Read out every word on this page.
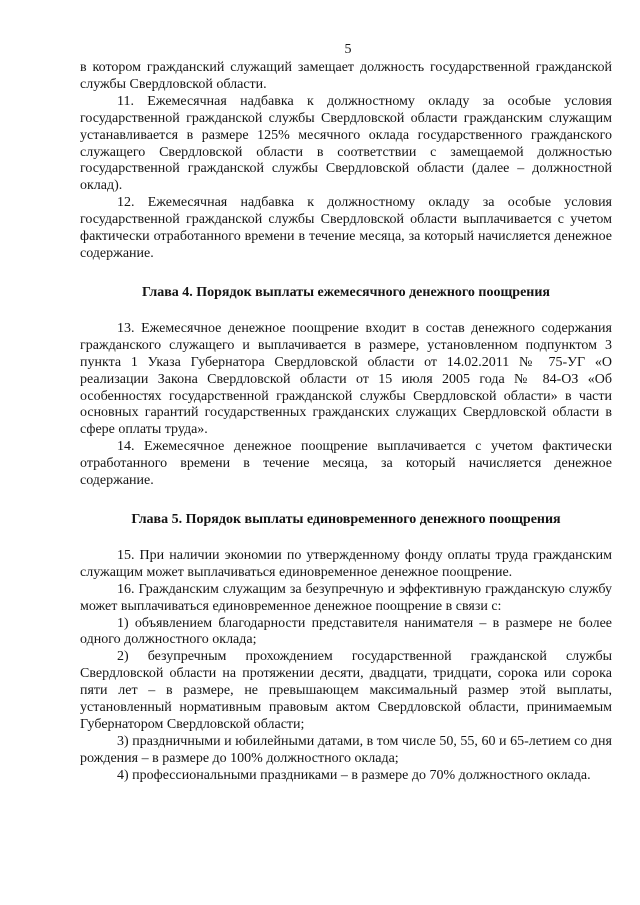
5

в котором гражданский служащий замещает должность государственной гражданской службы Свердловской области.

11. Ежемесячная надбавка к должностному окладу за особые условия государственной гражданской службы Свердловской области гражданским служащим устанавливается в размере 125% месячного оклада государственного гражданского служащего Свердловской области в соответствии с замещаемой должностью государственной гражданской службы Свердловской области (далее – должностной оклад).

12. Ежемесячная надбавка к должностному окладу за особые условия государственной гражданской службы Свердловской области выплачивается с учетом фактически отработанного времени в течение месяца, за который начисляется денежное содержание.

Глава 4. Порядок выплаты ежемесячного денежного поощрения

13. Ежемесячное денежное поощрение входит в состав денежного содержания гражданского служащего и выплачивается в размере, установленном подпунктом 3 пункта 1 Указа Губернатора Свердловской области от 14.02.2011 № 75-УГ «О реализации Закона Свердловской области от 15 июля 2005 года № 84-ОЗ «Об особенностях государственной гражданской службы Свердловской области» в части основных гарантий государственных гражданских служащих Свердловской области в сфере оплаты труда».

14. Ежемесячное денежное поощрение выплачивается с учетом фактически отработанного времени в течение месяца, за который начисляется денежное содержание.

Глава 5. Порядок выплаты единовременного денежного поощрения

15. При наличии экономии по утвержденному фонду оплаты труда гражданским служащим может выплачиваться единовременное денежное поощрение.

16. Гражданским служащим за безупречную и эффективную гражданскую службу может выплачиваться единовременное денежное поощрение в связи с:

1) объявлением благодарности представителя нанимателя – в размере не более одного должностного оклада;

2) безупречным прохождением государственной гражданской службы Свердловской области на протяжении десяти, двадцати, тридцати, сорока или сорока пяти лет – в размере, не превышающем максимальный размер этой выплаты, установленный нормативным правовым актом Свердловской области, принимаемым Губернатором Свердловской области;

3) праздничными и юбилейными датами, в том числе 50, 55, 60 и 65-летием со дня рождения – в размере до 100% должностного оклада;

4) профессиональными праздниками – в размере до 70% должностного оклада.
